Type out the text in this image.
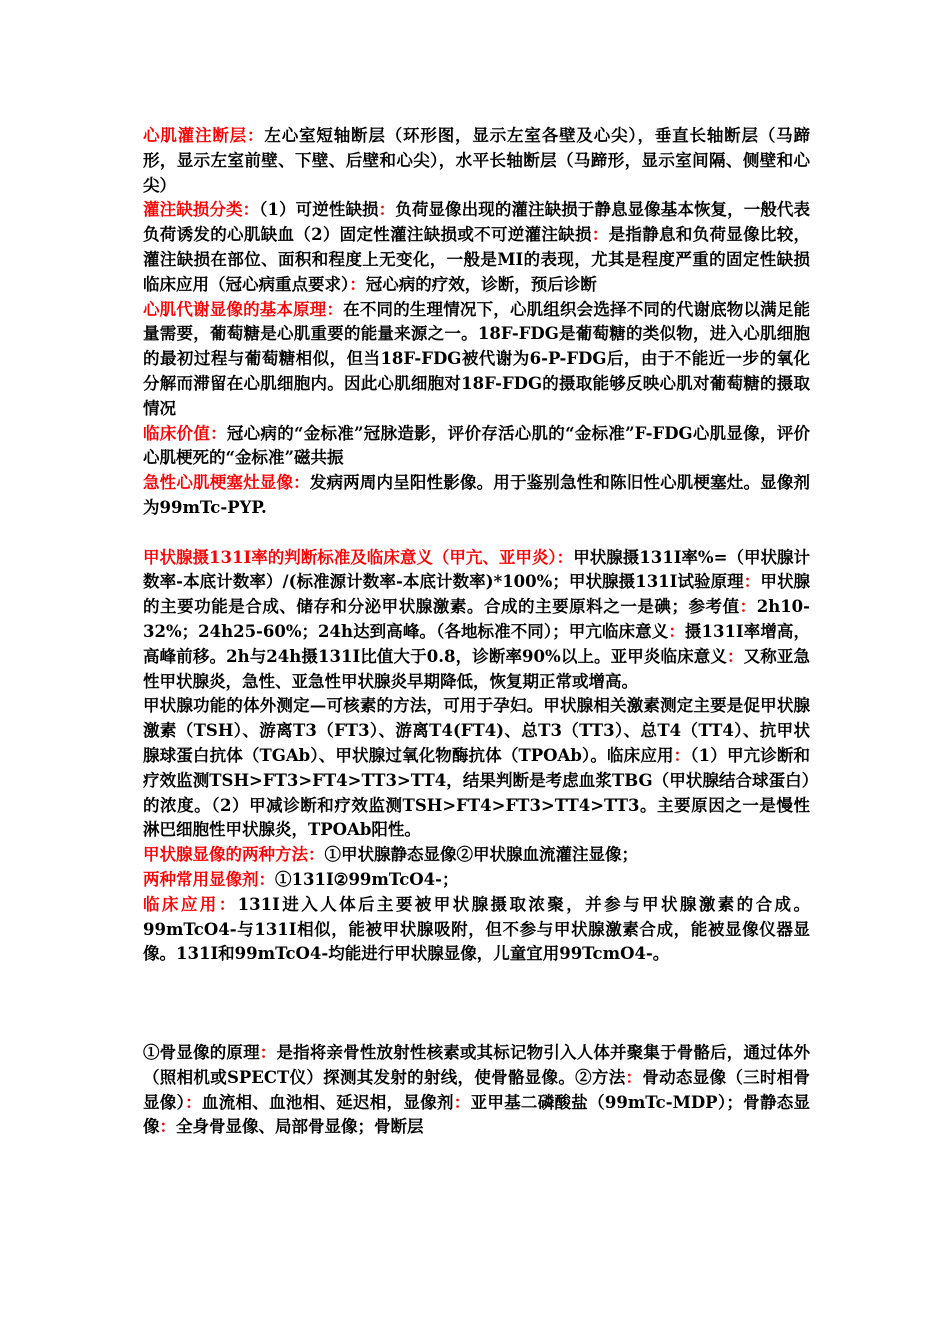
心肌灌注断层：左心室短轴断层（环形图，显示左室各壁及心尖），垂直长轴断层（马蹄形，显示左室前壁、下壁、后壁和心尖），水平长轴断层（马蹄形，显示室间隔、侧壁和心尖）

灌注缺损分类：（1）可逆性缺损：负荷显像出现的灌注缺损于静息显像基本恢复，一般代表负荷诱发的心肌缺血（2）固定性灌注缺损或不可逆灌注缺损：是指静息和负荷显像比较，灌注缺损在部位、面积和程度上无变化，一般是MI的表现，尤其是程度严重的固定性缺损临床应用（冠心病重点要求）：冠心病的疗效，诊断，预后诊断

心肌代谢显像的基本原理：在不同的生理情况下，心肌组织会选择不同的代谢底物以满足能量需要，葡萄糖是心肌重要的能量来源之一。18F-FDG是葡萄糖的类似物，进入心肌细胞的最初过程与葡萄糖相似，但当18F-FDG被代谢为6-P-FDG后，由于不能近一步的氧化分解而滞留在心肌细胞内。因此心肌细胞对18F-FDG的摄取能够反映心肌对葡萄糖的摄取情况

临床价值：冠心病的“金标准”冠脉造影，评价存活心肌的“金标准”F-FDG心肌显像，评价心肌梗死的“金标准”磁共振

急性心肌梗塞灶显像：发病两周内呈阳性影像。用于鉴别急性和陈旧性心肌梗塞灶。显像剂为99mTc-PYP.

甲状腺摄131I率的判断标准及临床意义（甲亢、亚甲炎）：甲状腺摄131I率%=（甲状腺计数率-本底计数率）/(标准源计数率-本底计数率)*100%；甲状腺摄131I试验原理：甲状腺的主要功能是合成、储存和分泌甲状腺激素。合成的主要原料之一是碘；参考值：2h10-32%；24h25-60%；24h达到高峰。（各地标准不同）；甲亢临床意义：摄131I率增高，高峰前移。2h与24h摄131I比值大于0.8，诊断率90%以上。亚甲炎临床意义：又称亚急性甲状腺炎，急性、亚急性甲状腺炎早期降低，恢复期正常或增高。

甲状腺功能的体外测定—可核素的方法，可用于孕妇。甲状腺相关激素测定主要是促甲状腺激素（TSH）、游离T3（FT3）、游离T4(FT4)、总T3（TT3）、总T4（TT4）、抗甲状腺球蛋白抗体（TGAb）、甲状腺过氧化物酶抗体（TPOAb）。临床应用：（1）甲亢诊断和疗效监测TSH>FT3>FT4>TT3>TT4，结果判断是考虑血浆TBG（甲状腺结合球蛋白）的浓度。（2）甲减诊断和疗效监测TSH>FT4>FT3>TT4>TT3。主要原因之一是慢性淋巴细胞性甲状腺炎，TPOAb阳性。

甲状腺显像的两种方法：①甲状腺静态显像②甲状腺血流灌注显像；

两种常用显像剂：①131I②99mTcO4-；

临床应用：131I进入人体后主要被甲状腺摄取浓聚，并参与甲状腺激素的合成。99mTcO4-与131I相似，能被甲状腺吸附，但不参与甲状腺激素合成，能被显像仪器显像。131I和99mTcO4-均能进行甲状腺显像，儿童宜用99TcmO4-。

①骨显像的原理：是指将亲骨性放射性核素或其标记物引入人体并聚集于骨骼后，通过体外（照相机或SPECT仪）探测其发射的射线，使骨骼显像。②方法：骨动态显像（三时相骨显像）：血流相、血池相、延迟相，显像剂：亚甲基二磷酸盐（99mTc-MDP）；骨静态显像：全身骨显像、局部骨显像；骨断层
